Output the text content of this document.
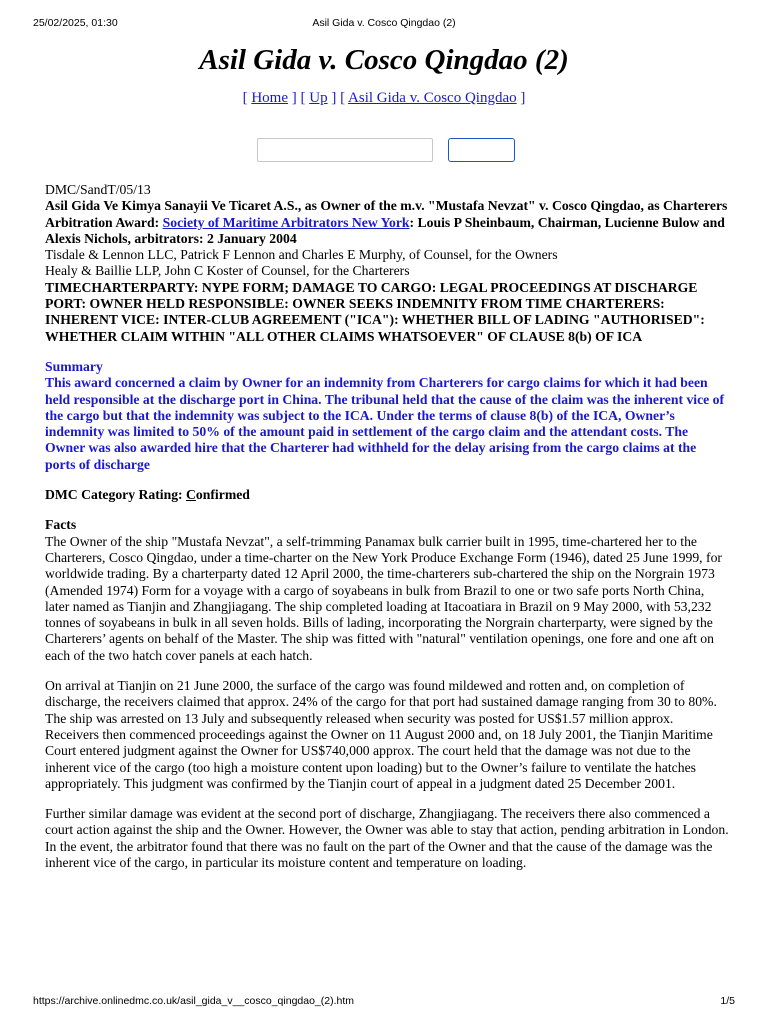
25/02/2025, 01:30	Asil Gida v. Cosco Qingdao (2)
Asil Gida v. Cosco Qingdao (2)
[ Home ] [ Up ] [ Asil Gida v. Cosco Qingdao ]

DMC/SandT/05/13

Asil Gida Ve Kimya Sanayii Ve Ticaret A.S., as Owner of the m.v. "Mustafa Nevzat" v. Cosco Qingdao, as Charterers

Arbitration Award: Society of Maritime Arbitrators New York: Louis P Sheinbaum, Chairman, Lucienne Bulow and Alexis Nichols, arbitrators: 2 January 2004

Tisdale & Lennon LLC, Patrick F Lennon and Charles E Murphy, of Counsel, for the Owners

Healy & Baillie LLP, John C Koster of Counsel, for the Charterers

TIMECHARTERPARTY: NYPE FORM; DAMAGE TO CARGO: LEGAL PROCEEDINGS AT DISCHARGE PORT: OWNER HELD RESPONSIBLE: OWNER SEEKS INDEMNITY FROM TIME CHARTERERS: INHERENT VICE: INTER-CLUB AGREEMENT ("ICA"): WHETHER BILL OF LADING "AUTHORISED": WHETHER CLAIM WITHIN "ALL OTHER CLAIMS WHATSOEVER" OF CLAUSE 8(b) OF ICA

Summary

This award concerned a claim by Owner for an indemnity from Charterers for cargo claims for which it had been held responsible at the discharge port in China. The tribunal held that the cause of the claim was the inherent vice of the cargo but that the indemnity was subject to the ICA. Under the terms of clause 8(b) of the ICA, Owner’s indemnity was limited to 50% of the amount paid in settlement of the cargo claim and the attendant costs. The Owner was also awarded hire that the Charterer had withheld for the delay arising from the cargo claims at the ports of discharge

DMC Category Rating: Confirmed

Facts

The Owner of the ship "Mustafa Nevzat", a self-trimming Panamax bulk carrier built in 1995, time-chartered her to the Charterers, Cosco Qingdao, under a time-charter on the New York Produce Exchange Form (1946), dated 25 June 1999, for worldwide trading. By a charterparty dated 12 April 2000, the time-charterers sub-chartered the ship on the Norgrain 1973 (Amended 1974) Form for a voyage with a cargo of soyabeans in bulk from Brazil to one or two safe ports North China, later named as Tianjin and Zhangjiagang. The ship completed loading at Itacoatiara in Brazil on 9 May 2000, with 53,232 tonnes of soyabeans in bulk in all seven holds. Bills of lading, incorporating the Norgrain charterparty, were signed by the Charterers’ agents on behalf of the Master. The ship was fitted with "natural" ventilation openings, one fore and one aft on each of the two hatch cover panels at each hatch.

On arrival at Tianjin on 21 June 2000, the surface of the cargo was found mildewed and rotten and, on completion of discharge, the receivers claimed that approx. 24% of the cargo for that port had sustained damage ranging from 30 to 80%. The ship was arrested on 13 July and subsequently released when security was posted for US$1.57 million approx. Receivers then commenced proceedings against the Owner on 11 August 2000 and, on 18 July 2001, the Tianjin Maritime Court entered judgment against the Owner for US$740,000 approx. The court held that the damage was not due to the inherent vice of the cargo (too high a moisture content upon loading) but to the Owner’s failure to ventilate the hatches appropriately. This judgment was confirmed by the Tianjin court of appeal in a judgment dated 25 December 2001.

Further similar damage was evident at the second port of discharge, Zhangjiagang. The receivers there also commenced a court action against the ship and the Owner. However, the Owner was able to stay that action, pending arbitration in London. In the event, the arbitrator found that there was no fault on the part of the Owner and that the cause of the damage was the inherent vice of the cargo, in particular its moisture content and temperature on loading.

https://archive.onlinedmc.co.uk/asil_gida_v__cosco_qingdao_(2).htm	1/5
